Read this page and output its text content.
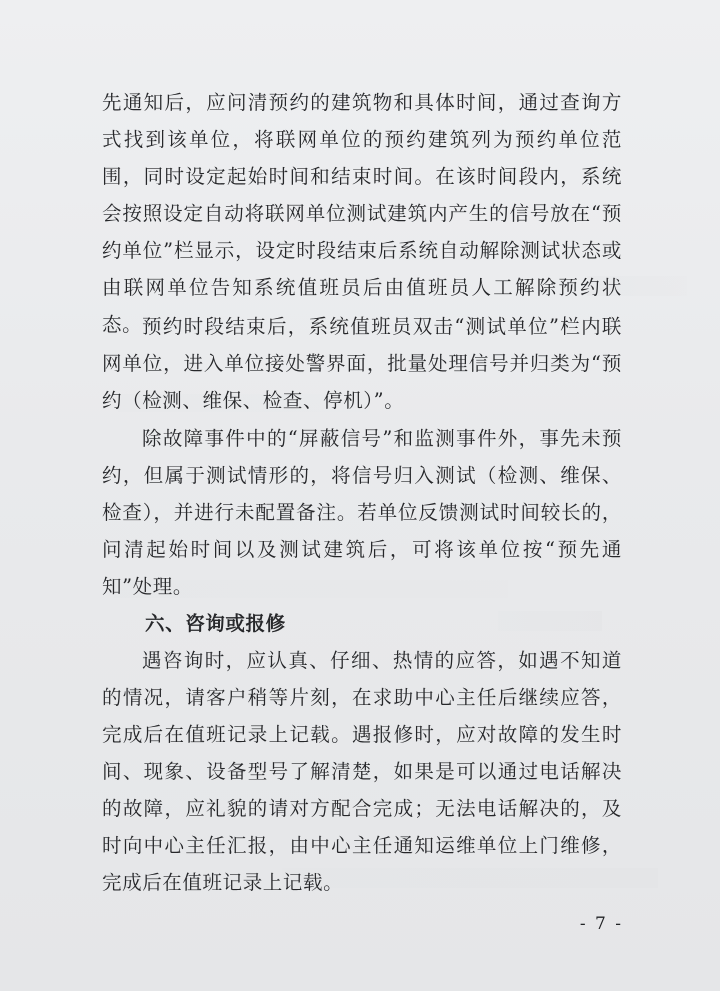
先通知后，应问清预约的建筑物和具体时间，通过查询方式找到该单位，将联网单位的预约建筑列为预约单位范围，同时设定起始时间和结束时间。在该时间段内，系统会按照设定自动将联网单位测试建筑内产生的信号放在“预约单位”栏显示，设定时段结束后系统自动解除测试状态或由联网单位告知系统值班员后由值班员人工解除预约状态。 预约时段结束后，系统值班员双击“测试单位”栏内联网单位，进入单位接处警界面，批量处理信号并归类为“预约（检测、维保、检查、停机）”。

除故障事件中的“屏蔽信号”和监测事件外，事先未预约，但属于测试情形的，将信号归入测试（检测、维保、检查），并进行未配置备注。若单位反馈测试时间较长的，问清起始时间以及测试建筑后，可将该单位按“预先通知”处理。

六、咨询或报修

遇咨询时，应认真、仔细、热情的应答，如遇不知道的情况，请客户稍等片刻，在求助中心主任后继续应答，完成后在值班记录上记载。遇报修时，应对故障的发生时间、现象、设备型号了解清楚，如果是可以通过电话解决的故障，应礼貌的请对方配合完成；无法电话解决的，及时向中心主任汇报，由中心主任通知运维单位上门维修，完成后在值班记录上记载。

- 7 -
